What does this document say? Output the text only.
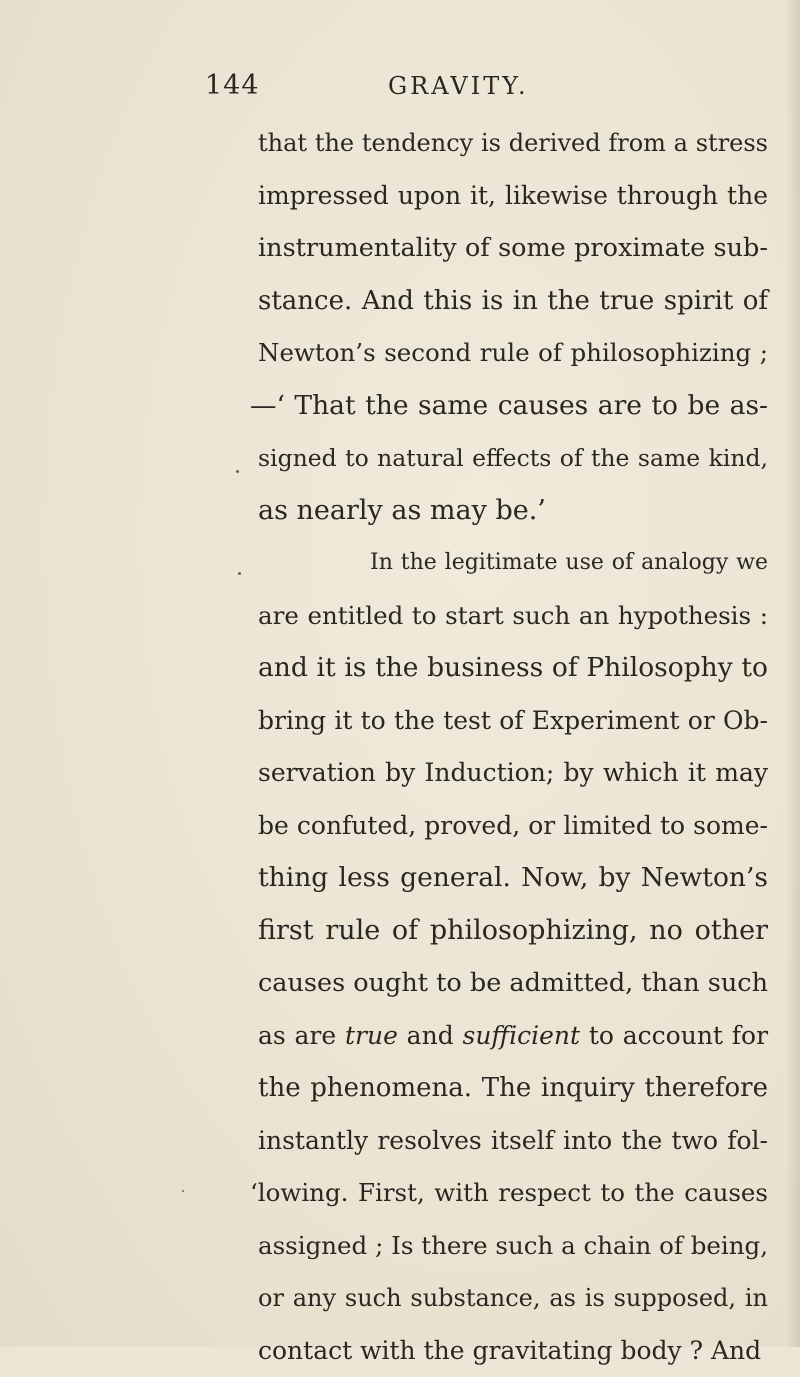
144	GRAVITY.
that the tendency is derived from a stress
impressed upon it, likewise through the
instrumentality of some proximate sub-
stance. And this is in the true spirit of
Newton’s second rule of philosophizing ;
—‘ That the same causes are to be as-
signed to natural effects of the same kind,
as nearly as may be.’
In the legitimate use of analogy we
are entitled to start such an hypothesis :
and it is the business of Philosophy to
bring it to the test of Experiment or Ob-
servation by Induction; by which it may
be confuted, proved, or limited to some-
thing less general. Now, by Newton’s
first rule of philosophizing, no other
causes ought to be admitted, than such
as are true and sufficient to account for
the phenomena. The inquiry therefore
instantly resolves itself into the two fol-
‘lowing. First, with respect to the causes
assigned ; Is there such a chain of being,
or any such substance, as is supposed, in
contact with the gravitating body ? And
